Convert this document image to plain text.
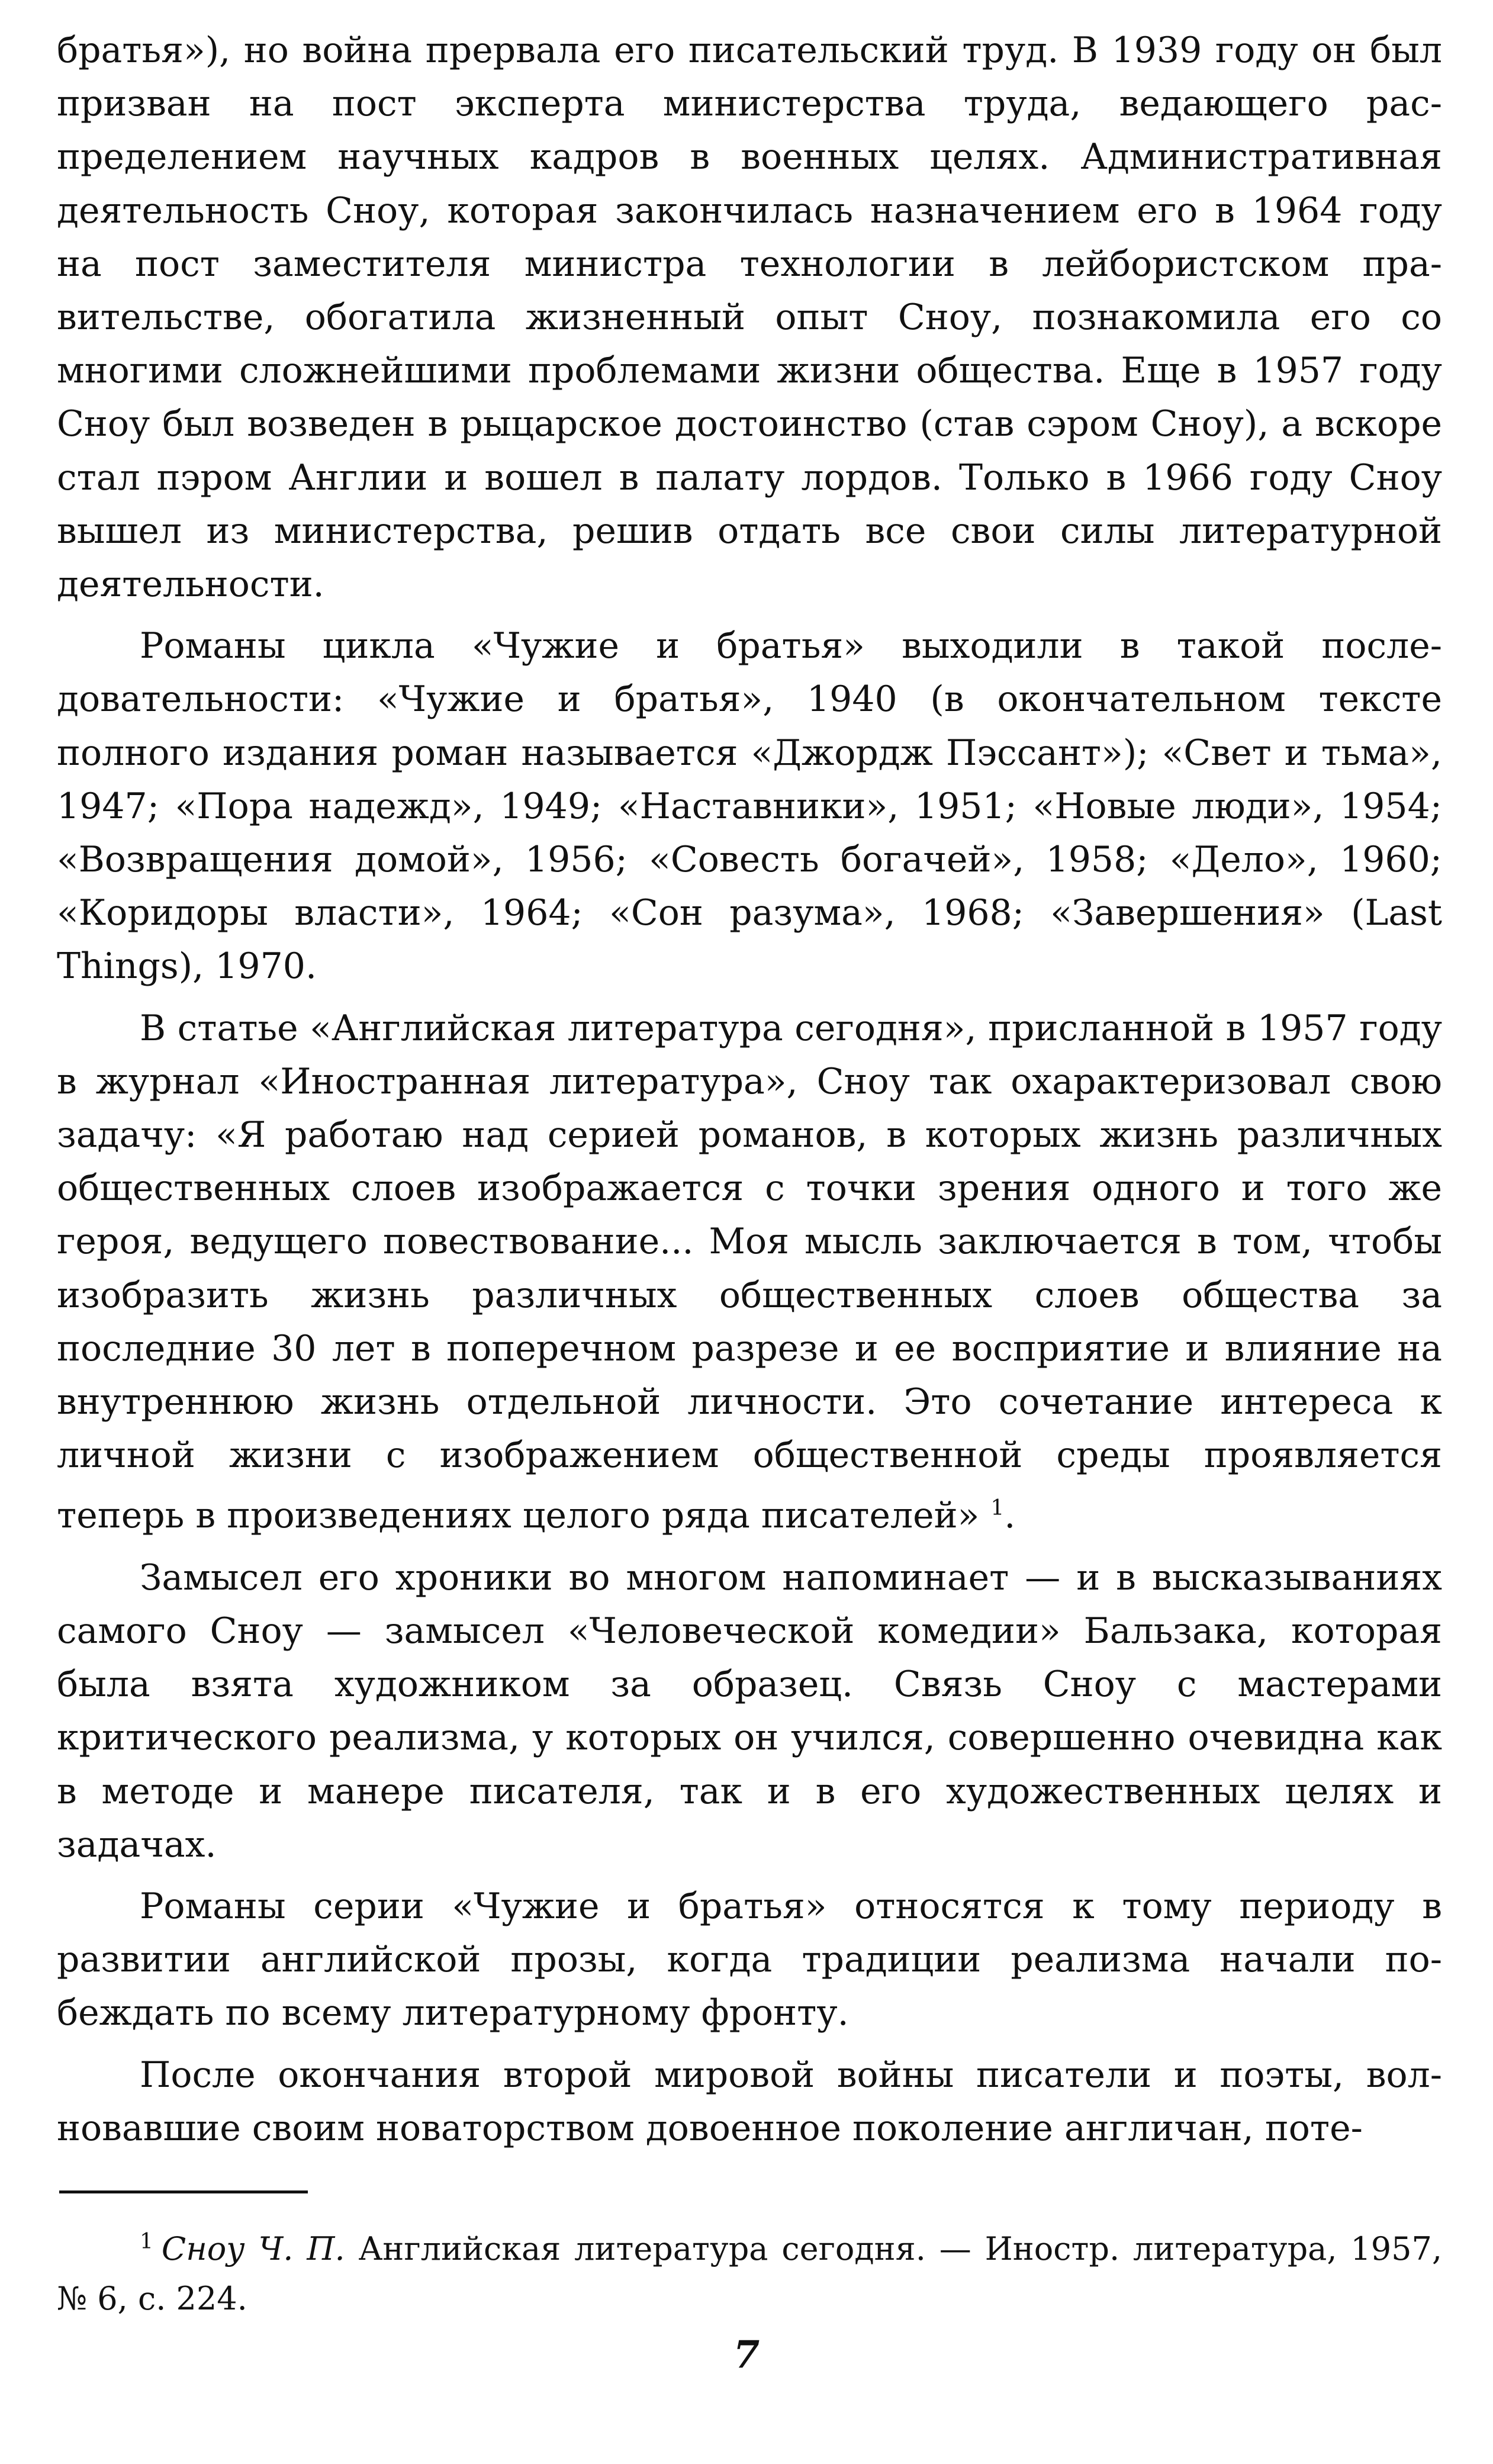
братья»), но война прервала его писательский труд. В 1939 году он был призван на пост эксперта министерства труда, ведающего распределением научных кадров в военных целях. Административная деятельность Сноу, которая закончилась назначением его в 1964 году на пост заместителя министра технологии в лейбористском правительстве, обогатила жизненный опыт Сноу, познакомила его со многими сложнейшими проблемами жизни общества. Еще в 1957 году Сноу был возведен в рыцарское достоинство (став сэром Сноу), а вскоре стал пэром Англии и вошел в палату лордов. Только в 1966 году Сноу вышел из министерства, решив отдать все свои силы литературной деятельности.

Романы цикла «Чужие и братья» выходили в такой последовательности: «Чужие и братья», 1940 (в окончательном тексте полного издания роман называется «Джордж Пэссант»); «Свет и тьма», 1947; «Пора надежд», 1949; «Наставники», 1951; «Новые люди», 1954; «Возвращения домой», 1956; «Совесть богачей», 1958; «Дело», 1960; «Коридоры власти», 1964; «Сон разума», 1968; «Завершения» (Last Things), 1970.

В статье «Английская литература сегодня», присланной в 1957 году в журнал «Иностранная литература», Сноу так охарактеризовал свою задачу: «Я работаю над серией романов, в которых жизнь различных общественных слоев изображается с точки зрения одного и того же героя, ведущего повествование... Моя мысль заключается в том, чтобы изобразить жизнь различных общественных слоев общества за последние 30 лет в поперечном разрезе и ее восприятие и влияние на внутреннюю жизнь отдельной личности. Это сочетание интереса к личной жизни с изображением общественной среды проявляется теперь в произведениях целого ряда писателей» $^1$.

Замысел его хроники во многом напоминает — и в высказываниях самого Сноу — замысел «Человеческой комедии» Бальзака, которая была взята художником за образец. Связь Сноу с мастерами критического реализма, у которых он учился, совершенно очевидна как в методе и манере писателя, так и в его художественных целях и задачах.

Романы серии «Чужие и братья» относятся к тому периоду в развитии английской прозы, когда традиции реализма начали побеждать по всему литературному фронту.

После окончания второй мировой войны писатели и поэты, волновавшие своим новаторством довоенное поколение англичан, поте-

$^1$ Сноу Ч. П. Английская литература сегодня. — Иностр. литература, 1957, № 6, с. 224.

7
